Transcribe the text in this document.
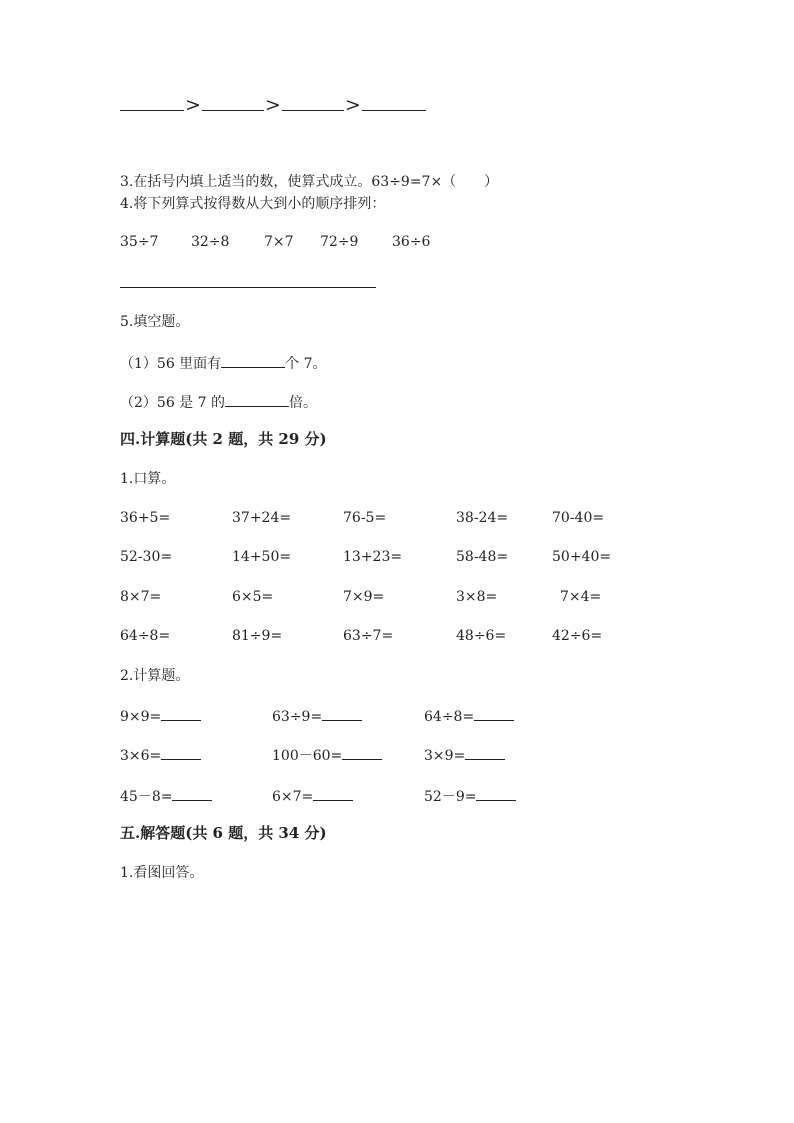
>	>	>
3.在括号内填上适当的数，使算式成立。63÷9=7×（　　）
4.将下列算式按得数从大到小的顺序排列：
35÷7 32÷8 7×7 72÷9 36÷6
5.填空题。
（1）56 里面有	个 7。
（2）56 是 7 的	倍。
四.计算题(共 2 题，共 29 分)
1.口算。
36+5=	37+24=	76-5=	38-24=	70-40=
52-30=	14+50=	13+23=	58-48=	50+40=
8×7=	6×5=	7×9=	3×8=	7×4=
64÷8=	81÷9=	63÷7=	48÷6=	42÷6=
2.计算题。
9×9=	63÷9=	64÷8=
3×6=	100－60=	3×9=
45－8=	6×7=	52－9=
五.解答题(共 6 题，共 34 分)
1.看图回答。
